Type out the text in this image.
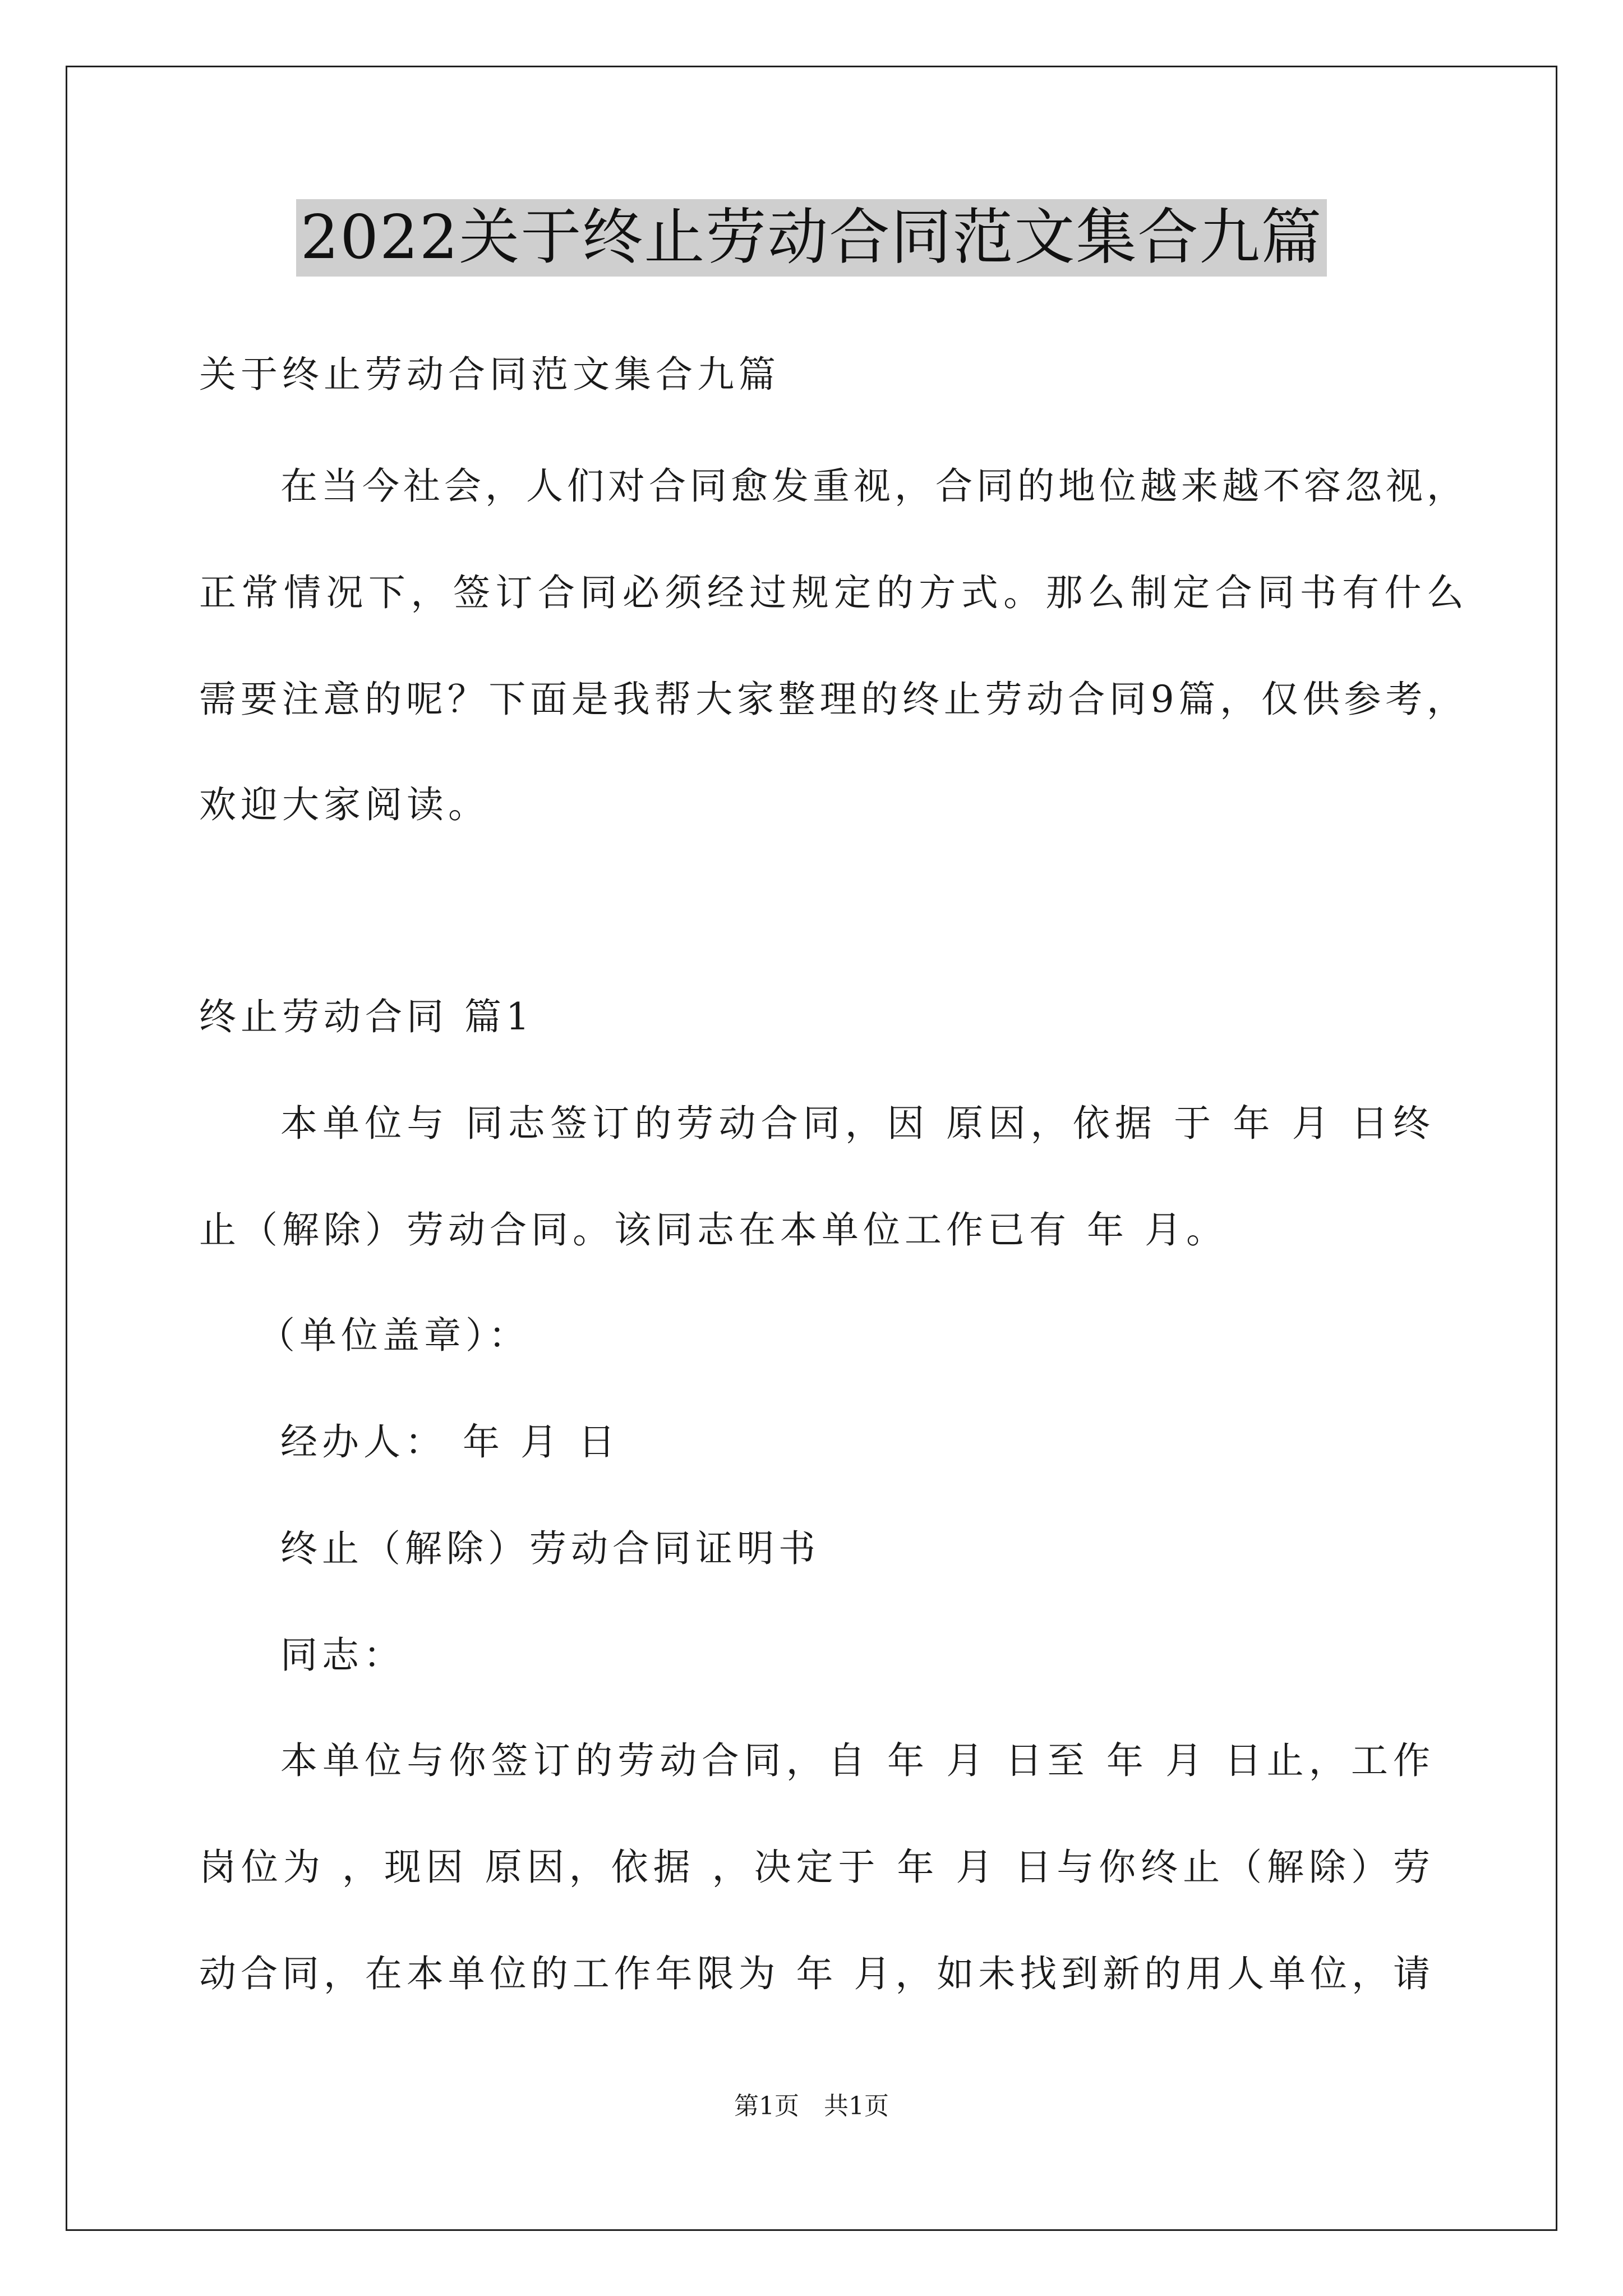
2022关于终止劳动合同范文集合九篇
关于终止劳动合同范文集合九篇
在当今社会，人们对合同愈发重视，合同的地位越来越不容忽视，
正常情况下，签订合同必须经过规定的方式。那么制定合同书有什么
需要注意的呢？下面是我帮大家整理的终止劳动合同9篇，仅供参考，
欢迎大家阅读。
终止劳动合同 篇1
本单位与 同志签订的劳动合同，因 原因，依据 于 年 月 日终
止（解除）劳动合同。该同志在本单位工作已有 年 月。
（单位盖章）：
经办人： 年 月 日
终止（解除）劳动合同证明书
同志：
本单位与你签订的劳动合同，自 年 月 日至 年 月 日止，工作
岗位为 ，现因 原因，依据 ，决定于 年 月 日与你终止（解除）劳
动合同，在本单位的工作年限为 年 月，如未找到新的用人单位，请
第1页　共1页
